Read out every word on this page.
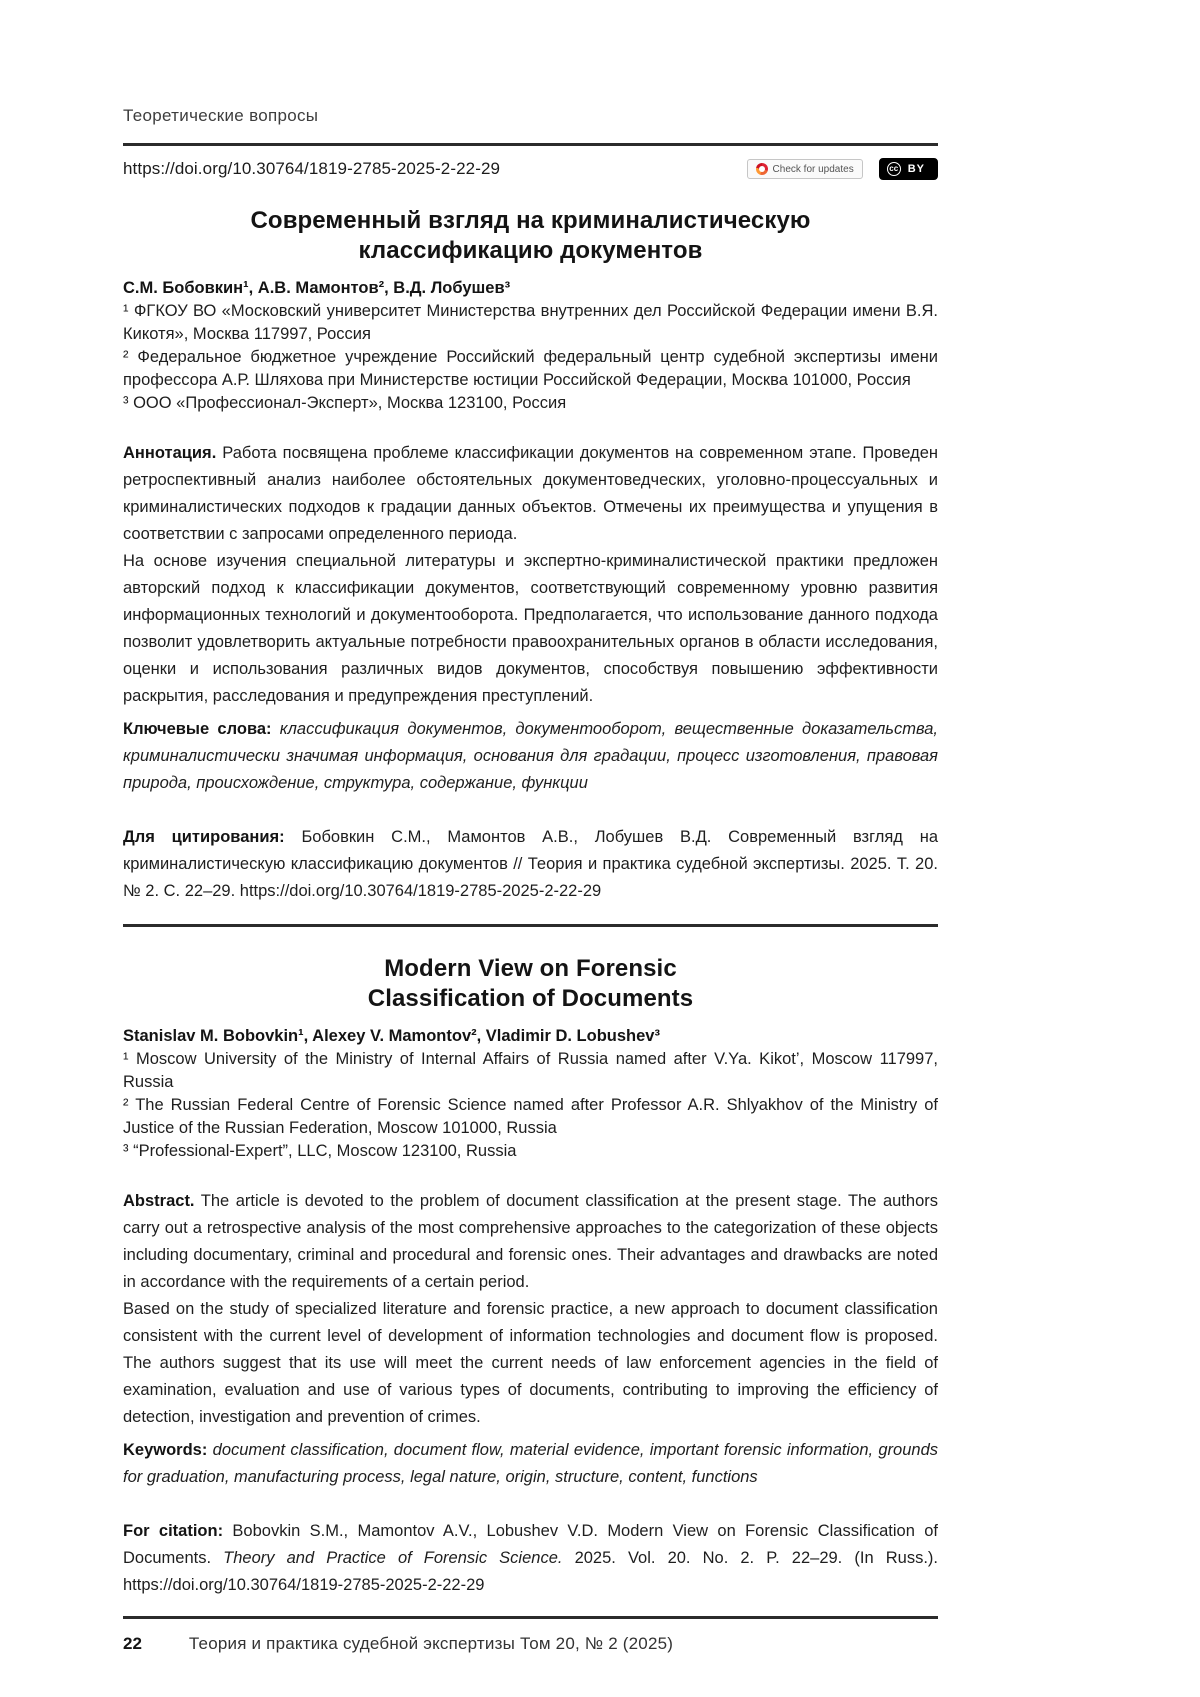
Теоретические вопросы
https://doi.org/10.30764/1819-2785-2025-2-22-29	Check for updates	cc BY
Современный взгляд на криминалистическую
классификацию документов

С.М. Бобовкин¹, А.В. Мамонтов², В.Д. Лобушев³

¹ ФГКОУ ВО «Московский университет Министерства внутренних дел Российской Федерации имени В.Я. Кикотя», Москва 117997, Россия

² Федеральное бюджетное учреждение Российский федеральный центр судебной экспертизы имени профессора А.Р. Шляхова при Министерстве юстиции Российской Федерации, Москва 101000, Россия

³ ООО «Профессионал-Эксперт», Москва 123100, Россия

Аннотация. Работа посвящена проблеме классификации документов на современном этапе. Проведен ретроспективный анализ наиболее обстоятельных документоведческих, уголовно-процессуальных и криминалистических подходов к градации данных объектов. Отмечены их преимущества и упущения в соответствии с запросами определенного периода.

На основе изучения специальной литературы и экспертно-криминалистической практики предложен авторский подход к классификации документов, соответствующий современному уровню развития информационных технологий и документооборота. Предполагается, что использование данного подхода позволит удовлетворить актуальные потребности правоохранительных органов в области исследования, оценки и использования различных видов документов, способствуя повышению эффективности раскрытия, расследования и предупреждения преступлений.

Ключевые слова: классификация документов, документооборот, вещественные доказательства, криминалистически значимая информация, основания для градации, процесс изготовления, правовая природа, происхождение, структура, содержание, функции

Для цитирования: Бобовкин С.М., Мамонтов А.В., Лобушев В.Д. Современный взгляд на криминалистическую классификацию документов // Теория и практика судебной экспертизы. 2025. Т. 20. № 2. С. 22–29. https://doi.org/10.30764/1819-2785-2025-2-22-29

Modern View on Forensic
Classification of Documents

Stanislav M. Bobovkin¹, Alexey V. Mamontov², Vladimir D. Lobushev³

¹ Moscow University of the Ministry of Internal Affairs of Russia named after V.Ya. Kikot’, Moscow 117997, Russia

² The Russian Federal Centre of Forensic Science named after Professor A.R. Shlyakhov of the Ministry of Justice of the Russian Federation, Moscow 101000, Russia

³ “Professional-Expert”, LLC, Moscow 123100, Russia

Abstract. The article is devoted to the problem of document classification at the present stage. The authors carry out a retrospective analysis of the most comprehensive approaches to the categorization of these objects including documentary, criminal and procedural and forensic ones. Their advantages and drawbacks are noted in accordance with the requirements of a certain period.

Based on the study of specialized literature and forensic practice, a new approach to document classification consistent with the current level of development of information technologies and document flow is proposed. The authors suggest that its use will meet the current needs of law enforcement agencies in the field of examination, evaluation and use of various types of documents, contributing to improving the efficiency of detection, investigation and prevention of crimes.

Keywords: document classification, document flow, material evidence, important forensic information, grounds for graduation, manufacturing process, legal nature, origin, structure, content, functions

For citation: Bobovkin S.M., Mamontov A.V., Lobushev V.D. Modern View on Forensic Classification of Documents. Theory and Practice of Forensic Science. 2025. Vol. 20. No. 2. P. 22–29. (In Russ.). https://doi.org/10.30764/1819-2785-2025-2-22-29

22	Теория и практика судебной экспертизы Том 20, № 2 (2025)
